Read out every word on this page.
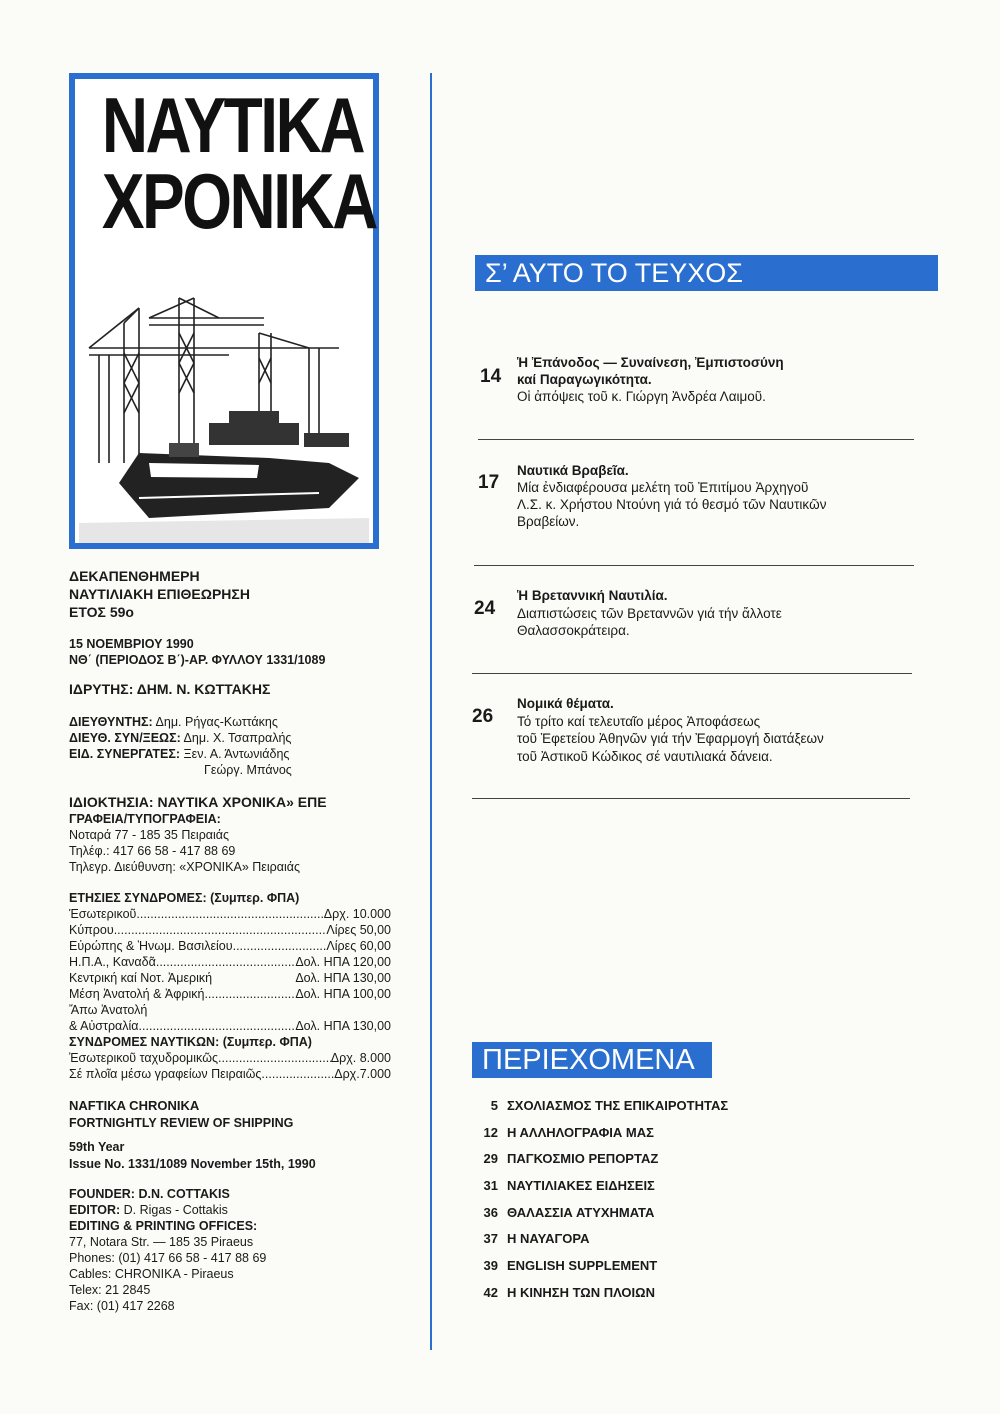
ΝΑΥΤΙΚΑ
ΧΡΟΝΙΚΑ
ΔΕΚΑΠΕΝΘΗΜΕΡΗ
ΝΑΥΤΙΛΙΑΚΗ ΕΠΙΘΕΩΡΗΣΗ
ΕΤΟΣ 59ο
15 ΝΟΕΜΒΡΙΟΥ 1990
ΝΘ΄ (ΠΕΡΙΟΔΟΣ Β΄)-ΑΡ. ΦΥΛΛΟΥ 1331/1089
ΙΔΡΥΤΗΣ: ΔΗΜ. Ν. ΚΩΤΤΑΚΗΣ
ΔΙΕΥΘΥΝΤΗΣ: Δημ. Ρήγας-Κωττάκης
ΔΙΕΥΘ. ΣΥΝ/ΞΕΩΣ: Δημ. Χ. Τσαπραλής
ΕΙΔ. ΣΥΝΕΡΓΑΤΕΣ: Ξεν. Α. Άντωνιάδης
Γεώργ. Μπάνος
ΙΔΙΟΚΤΗΣΙΑ: ΝΑΥΤΙΚΑ ΧΡΟΝΙΚΑ» ΕΠΕ
ΓΡΑΦΕΙΑ/ΤΥΠΟΓΡΑΦΕΙΑ:
Νοταρά 77 - 185 35 Πειραιάς
Τηλέφ.: 417 66 58 - 417 88 69
Τηλεγρ. Διεύθυνση: «ΧΡΟΝΙΚΑ» Πειραιάς
ΕΤΗΣΙΕΣ ΣΥΝΔΡΟΜΕΣ: (Συμπερ. ΦΠΑ)
Έσωτερικοῦ .....	Δρχ. 10.000
Κύπρου .....	Λίρες 50,00
Εὐρώπης & Ἡνωμ. Βασιλείου .....	Λίρες 60,00
Η.Π.Α., Καναδᾶ .....	Δολ. ΗΠΑ 120,00
Κεντρική καί Νοτ. Ἀμερική	Δολ. ΗΠΑ 130,00
Μέση Ἀνατολή & Ἀφρική .....	Δολ. ΗΠΑ 100,00
Ἄπω Ἀνατολή
& Αὐστραλία .....	Δολ. ΗΠΑ 130,00
ΣΥΝΔΡΟΜΕΣ ΝΑΥΤΙΚΩΝ: (Συμπερ. ΦΠΑ)
Ἐσωτερικοῦ ταχυδρομικῶς .....	Δρχ. 8.000
Σέ πλοῖα μέσω γραφείων Πειραιῶς .....	Δρχ.7.000
NAFTIKA CHRONIKA
FORTNIGHTLY REVIEW OF SHIPPING
59th Year
Issue No. 1331/1089 November 15th, 1990
FOUNDER: D.N. COTTAKIS
EDITOR: D. Rigas - Cottakis
EDITING & PRINTING OFFICES:
77, Notara Str. — 185 35 Piraeus
Phones: (01) 417 66 58 - 417 88 69
Cables: CHRONIKA - Piraeus
Telex: 21 2845
Fax: (01) 417 2268
Σ’ ΑΥΤΟ ΤΟ ΤΕΥΧΟΣ
14
Ἡ Ἐπάνοδος — Συναίνεση, Ἐμπιστοσύνη
καί Παραγωγικότητα.
Οἱ ἀπόψεις τοῦ κ. Γιώργη Ἀνδρέα Λαιμοῦ.
17
Ναυτικά Βραβεῖα.
Μία ἐνδιαφέρουσα μελέτη τοῦ Ἐπιτίμου Ἀρχηγοῦ
Λ.Σ. κ. Χρήστου Ντούνη γιά τό θεσμό τῶν Ναυτικῶν
Βραβείων.
24
Ἡ Βρεταννική Ναυτιλία.
Διαπιστώσεις τῶν Βρεταννῶν γιά τήν ἄλλοτε
Θαλασσοκράτειρα.
26
Νομικά θέματα.
Τό τρίτο καί τελευταῖο μέρος Ἀποφάσεως
τοῦ Ἐφετείου Ἀθηνῶν γιά τήν Ἐφαρμογή διατάξεων
τοῦ Ἀστικοῦ Κώδικος σέ ναυτιλιακά δάνεια.
ΠΕΡΙΕΧΟΜΕΝΑ
5 ΣΧΟΛΙΑΣΜΟΣ ΤΗΣ ΕΠΙΚΑΙΡΟΤΗΤΑΣ
12 Η ΑΛΛΗΛΟΓΡΑΦΙΑ ΜΑΣ
29 ΠΑΓΚΟΣΜΙΟ ΡΕΠΟΡΤΑΖ
31 ΝΑΥΤΙΛΙΑΚΕΣ ΕΙΔΗΣΕΙΣ
36 ΘΑΛΑΣΣΙΑ ΑΤΥΧΗΜΑΤΑ
37 Η ΝΑΥΑΓΟΡΑ
39 ENGLISH SUPPLEMENT
42 Η ΚΙΝΗΣΗ ΤΩΝ ΠΛΟΙΩΝ
